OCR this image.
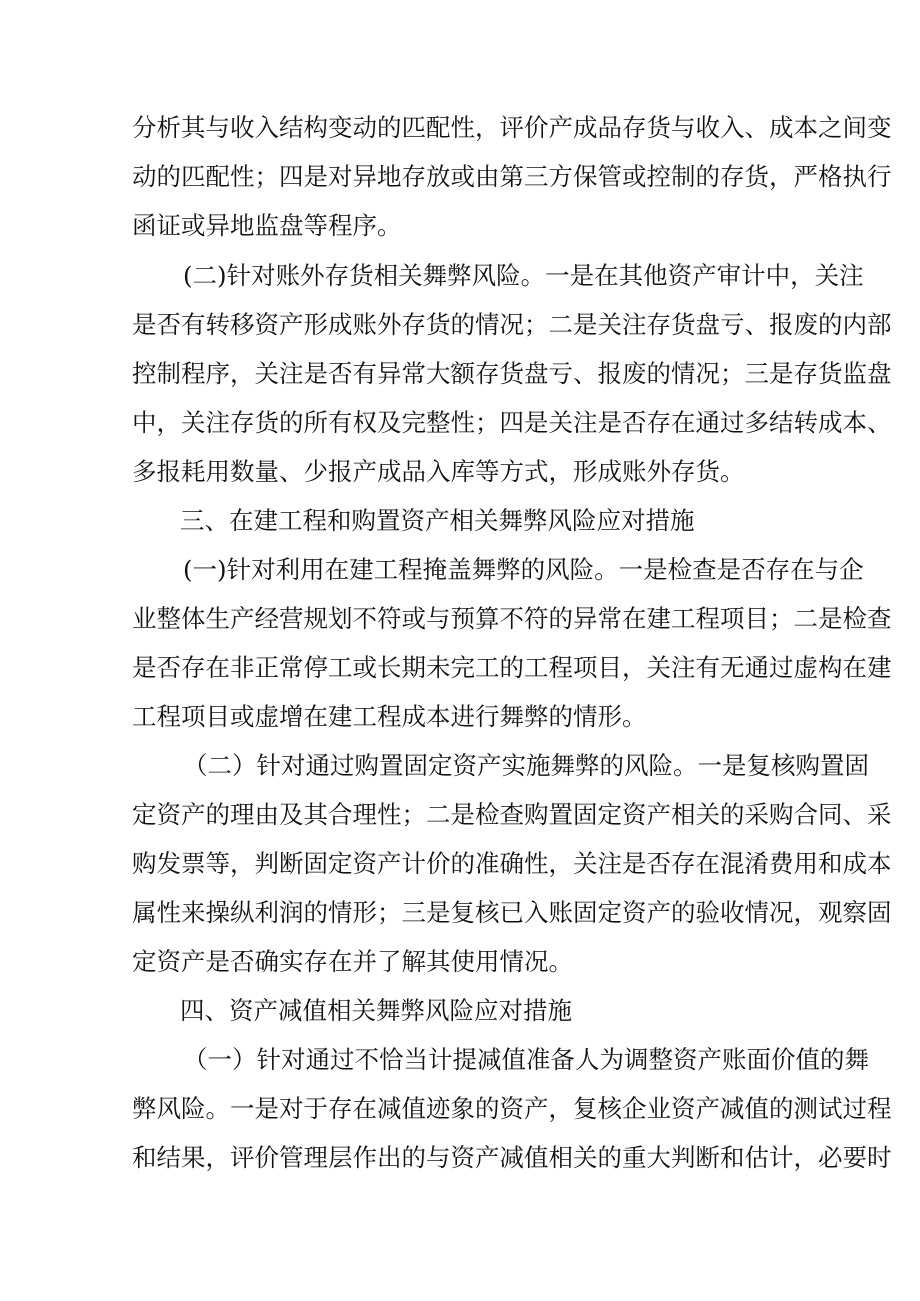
分析其与收入结构变动的匹配性，评价产成品存货与收入、成本之间变

动的匹配性；四是对异地存放或由第三方保管或控制的存货，严格执行

函证或异地监盘等程序。

(二)针对账外存货相关舞弊风险。一是在其他资产审计中，关注

是否有转移资产形成账外存货的情况；二是关注存货盘亏、报废的内部

控制程序，关注是否有异常大额存货盘亏、报废的情况；三是存货监盘

中，关注存货的所有权及完整性；四是关注是否存在通过多结转成本、

多报耗用数量、少报产成品入库等方式，形成账外存货。

三、在建工程和购置资产相关舞弊风险应对措施

(一)针对利用在建工程掩盖舞弊的风险。一是检查是否存在与企

业整体生产经营规划不符或与预算不符的异常在建工程项目；二是检查

是否存在非正常停工或长期未完工的工程项目，关注有无通过虚构在建

工程项目或虚增在建工程成本进行舞弊的情形。

（二）针对通过购置固定资产实施舞弊的风险。一是复核购置固

定资产的理由及其合理性；二是检查购置固定资产相关的采购合同、采

购发票等，判断固定资产计价的准确性，关注是否存在混淆费用和成本

属性来操纵利润的情形；三是复核已入账固定资产的验收情况，观察固

定资产是否确实存在并了解其使用情况。

四、资产减值相关舞弊风险应对措施

（一）针对通过不恰当计提减值准备人为调整资产账面价值的舞

弊风险。一是对于存在减值迹象的资产，复核企业资产减值的测试过程

和结果，评价管理层作出的与资产减值相关的重大判断和估计，必要时
